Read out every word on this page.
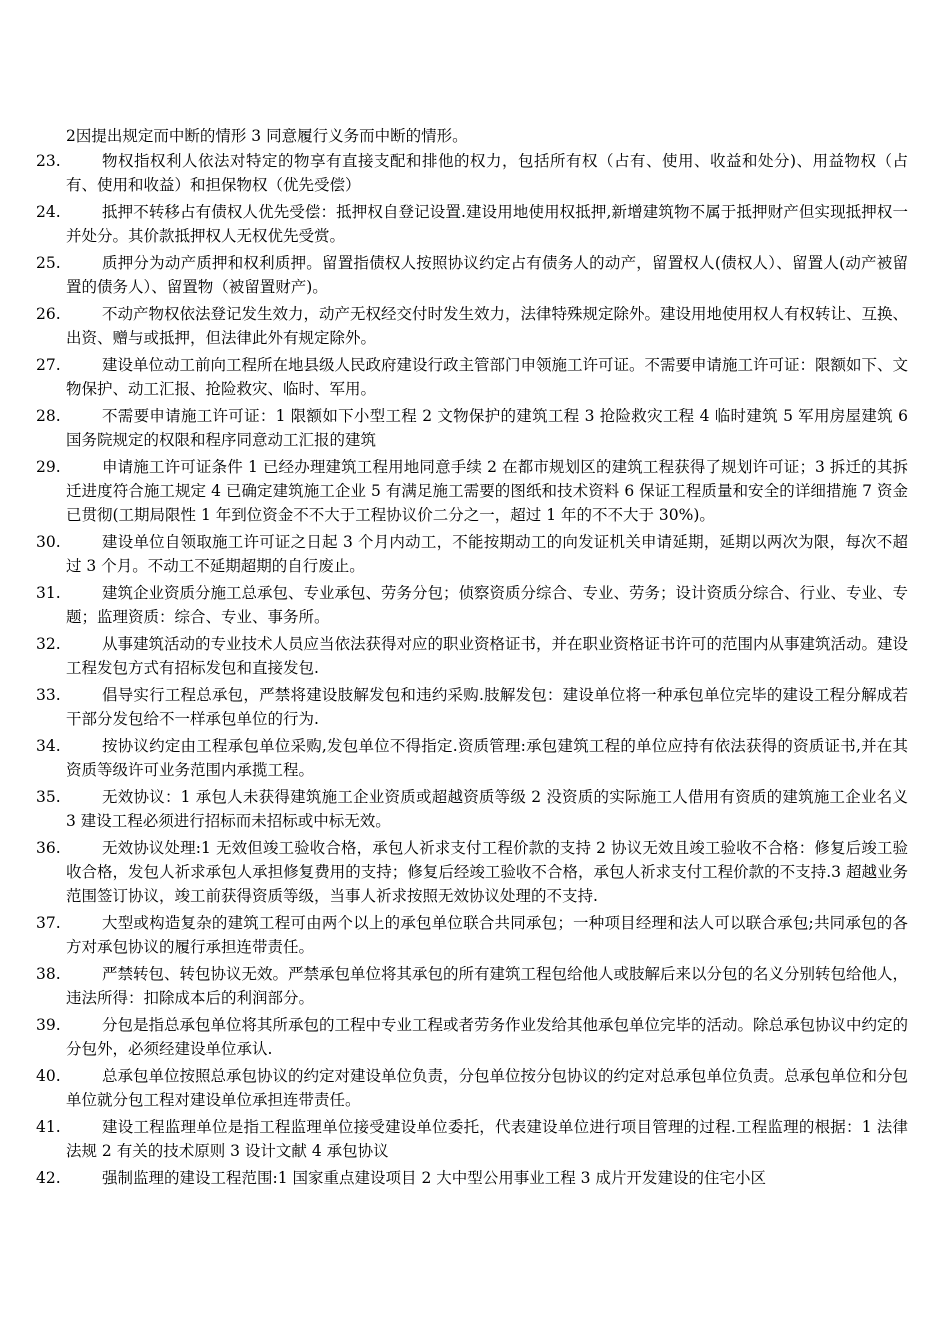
2因提出规定而中断的情形 3 同意履行义务而中断的情形。

23.	物权指权利人依法对特定的物享有直接支配和排他的权力，包括所有权（占有、使用、收益和处分)、用益物权（占有、使用和收益）和担保物权（优先受偿）
24.	抵押不转移占有债权人优先受偿：抵押权自登记设置.建设用地使用权抵押,新增建筑物不属于抵押财产但实现抵押权一并处分。其价款抵押权人无权优先受赏。
25.	质押分为动产质押和权利质押。留置指债权人按照协议约定占有债务人的动产，留置权人(债权人）、留置人(动产被留置的债务人）、留置物（被留置财产)。
26.	不动产物权依法登记发生效力，动产无权经交付时发生效力，法律特殊规定除外。建设用地使用权人有权转让、互换、出资、赠与或抵押，但法律此外有规定除外。
27.	建设单位动工前向工程所在地县级人民政府建设行政主管部门申领施工许可证。不需要申请施工许可证：限额如下、文物保护、动工汇报、抢险救灾、临时、军用。
28.	不需要申请施工许可证：1 限额如下小型工程 2 文物保护的建筑工程 3 抢险救灾工程 4 临时建筑 5 军用房屋建筑 6 国务院规定的权限和程序同意动工汇报的建筑
29.	申请施工许可证条件 1 已经办理建筑工程用地同意手续 2 在都市规划区的建筑工程获得了规划许可证；3 拆迁的其拆迁进度符合施工规定 4 已确定建筑施工企业 5 有满足施工需要的图纸和技术资料 6 保证工程质量和安全的详细措施 7 资金已贯彻(工期局限性 1 年到位资金不不大于工程协议价二分之一，超过 1 年的不不大于 30%)。
30.	建设单位自领取施工许可证之日起 3 个月内动工，不能按期动工的向发证机关申请延期，延期以两次为限，每次不超过 3 个月。不动工不延期超期的自行废止。
31.	建筑企业资质分施工总承包、专业承包、劳务分包；侦察资质分综合、专业、劳务；设计资质分综合、行业、专业、专题；监理资质：综合、专业、事务所。
32.	从事建筑活动的专业技术人员应当依法获得对应的职业资格证书，并在职业资格证书许可的范围内从事建筑活动。建设工程发包方式有招标发包和直接发包.
33.	倡导实行工程总承包，严禁将建设肢解发包和违约采购.肢解发包：建设单位将一种承包单位完毕的建设工程分解成若干部分发包给不一样承包单位的行为.
34.	按协议约定由工程承包单位采购,发包单位不得指定.资质管理:承包建筑工程的单位应持有依法获得的资质证书,并在其资质等级许可业务范围内承揽工程。
35.	无效协议：1 承包人未获得建筑施工企业资质或超越资质等级 2 没资质的实际施工人借用有资质的建筑施工企业名义 3 建设工程必须进行招标而未招标或中标无效。
36.	无效协议处理:1 无效但竣工验收合格，承包人祈求支付工程价款的支持 2 协议无效且竣工验收不合格：修复后竣工验收合格，发包人祈求承包人承担修复费用的支持；修复后经竣工验收不合格，承包人祈求支付工程价款的不支持.3 超越业务范围签订协议，竣工前获得资质等级，当事人祈求按照无效协议处理的不支持.
37.	大型或构造复杂的建筑工程可由两个以上的承包单位联合共同承包；一种项目经理和法人可以联合承包;共同承包的各方对承包协议的履行承担连带责任。
38.	严禁转包、转包协议无效。严禁承包单位将其承包的所有建筑工程包给他人或肢解后来以分包的名义分别转包给他人，违法所得：扣除成本后的利润部分。
39.	分包是指总承包单位将其所承包的工程中专业工程或者劳务作业发给其他承包单位完毕的活动。除总承包协议中约定的分包外，必须经建设单位承认.
40.	总承包单位按照总承包协议的约定对建设单位负责，分包单位按分包协议的约定对总承包单位负责。总承包单位和分包单位就分包工程对建设单位承担连带责任。
41.	建设工程监理单位是指工程监理单位接受建设单位委托，代表建设单位进行项目管理的过程.工程监理的根据：1 法律法规 2 有关的技术原则 3 设计文献 4 承包协议
42.	强制监理的建设工程范围:1 国家重点建设项目 2 大中型公用事业工程 3 成片开发建设的住宅小区
